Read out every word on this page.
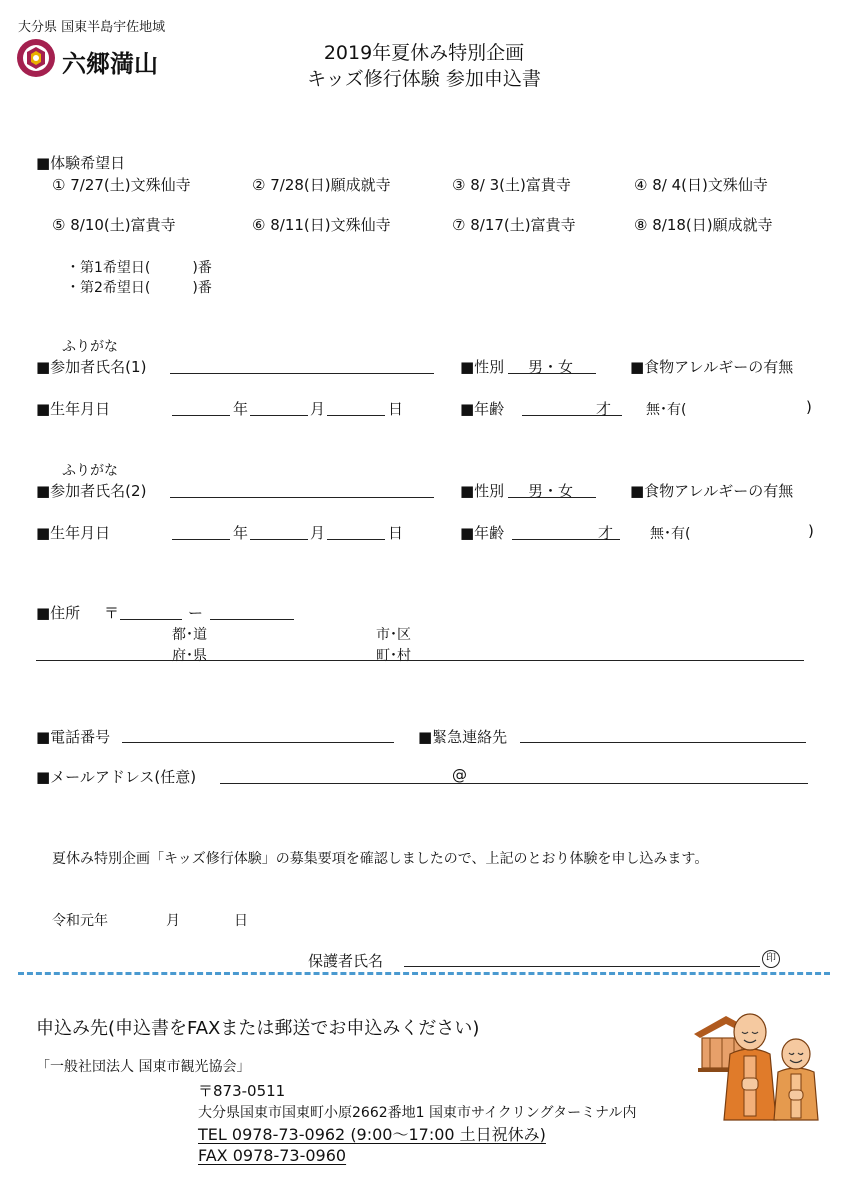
大分県 国東半島宇佐地域
六郷満山	2019年夏休み特別企画
キッズ修行体験 参加申込書
■体験希望日
① 7/27(土)文殊仙寺	② 7/28(日)願成就寺	③ 8/ 3(土)富貴寺	④ 8/ 4(日)文殊仙寺
⑤ 8/10(土)富貴寺	⑥ 8/11(日)文殊仙寺	⑦ 8/17(土)富貴寺	⑧ 8/18(日)願成就寺
・第1希望日(　　　)番
・第2希望日(　　　)番
ふりがな
■参加者氏名(1)	■性別 男・女	■食物アレルギーの有無
■生年月日	年	月	日	■年齢	才 無･有(	)
ふりがな
■参加者氏名(2)	■性別 男・女	■食物アレルギーの有無
■生年月日	年	月	日	■年齢	才	無･有(	)
■住所 〒	ー
都･道
府･県
市･区
町･村
■電話番号	■緊急連絡先
■メールアドレス(任意)	@
夏休み特別企画「キッズ修行体験」の募集要項を確認しましたので、上記のとおり体験を申し込みます。
令和元年	月	日
保護者氏名	印
申込み先(申込書をFAXまたは郵送でお申込みください)
「一般社団法人 国東市観光協会」
〒873-0511
大分県国東市国東町小原2662番地1 国東市サイクリングターミナル内
TEL 0978-73-0962 (9:00～17:00 土日祝休み)
FAX 0978-73-0960
